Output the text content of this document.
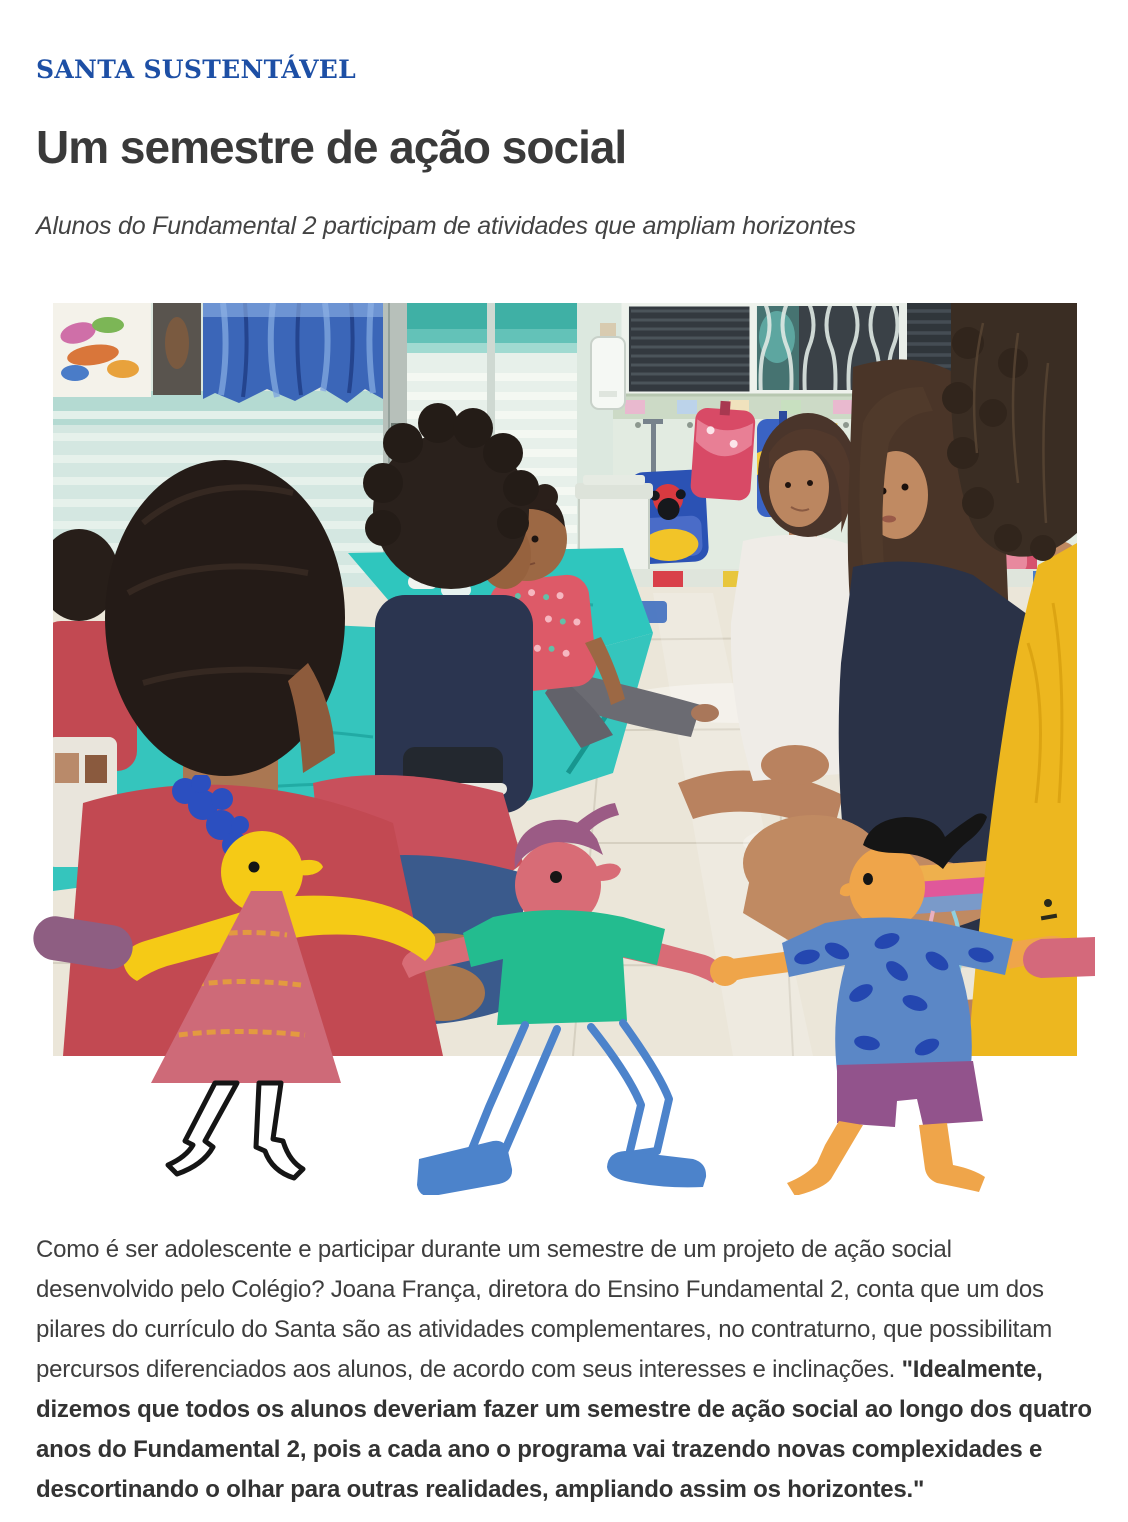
SANTA SUSTENTÁVEL
Um semestre de ação social

Alunos do Fundamental 2 participam de atividades que ampliam horizontes

Como é ser adolescente e participar durante um semestre de um projeto de ação social desenvolvido pelo Colégio? Joana França, diretora do Ensino Fundamental 2, conta que um dos pilares do currículo do Santa são as atividades complementares, no contraturno, que possibilitam percursos diferenciados aos alunos, de acordo com seus interesses e inclinações. "Idealmente, dizemos que todos os alunos deveriam fazer um semestre de ação social ao longo dos quatro anos do Fundamental 2, pois a cada ano o programa vai trazendo novas complexidades e descortinando o olhar para outras realidades, ampliando assim os horizontes."
